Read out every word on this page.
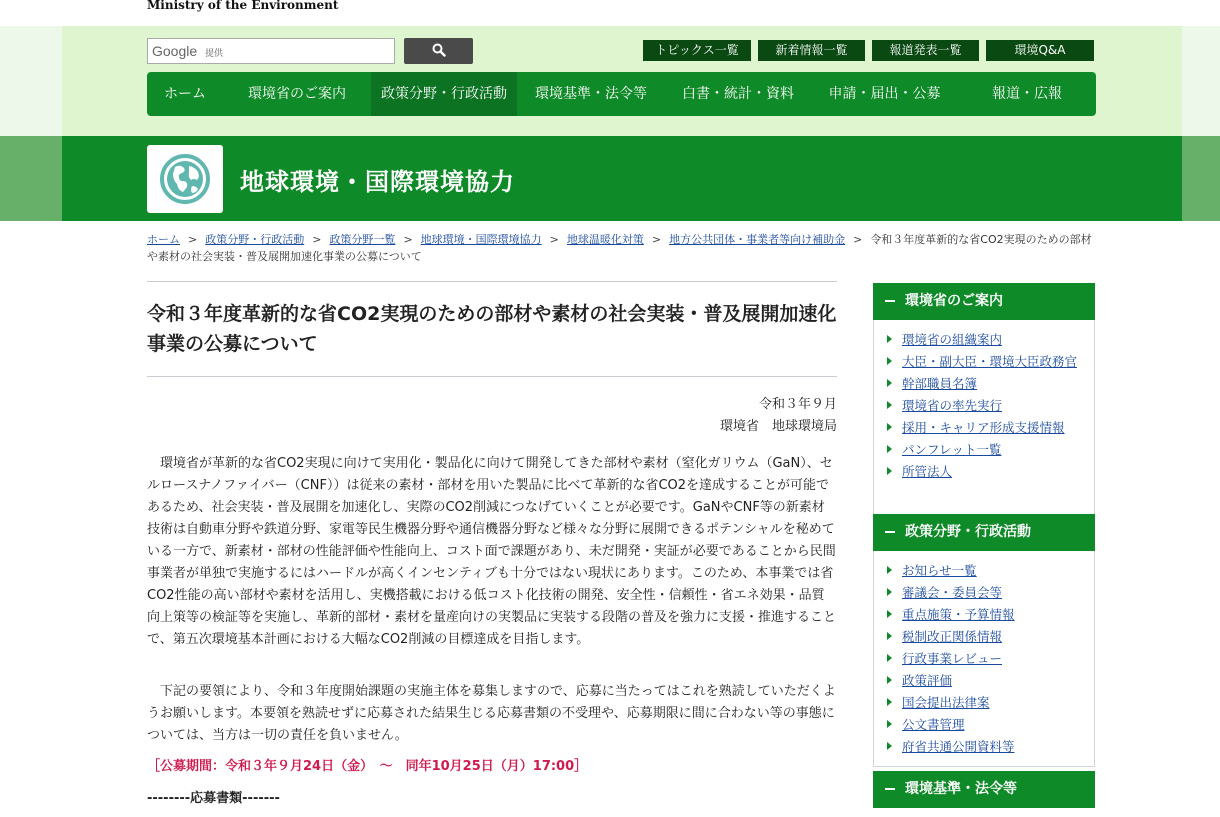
Ministry of the Environment
Google 提供	トピックス一覧	新着情報一覧	報道発表一覧	環境Q&A
ホーム	環境省のご案内	政策分野・行政活動	環境基準・法令等	白書・統計・資料	申請・届出・公募	報道・広報
地球環境・国際環境協力
ホーム > 政策分野・行政活動 > 政策分野一覧 > 地球環境・国際環境協力 > 地球温暖化対策 > 地方公共団体・事業者等向け補助金 > 令和３年度革新的な省CO2実現のための部材や素材の社会実装・普及展開加速化事業の公募について
令和３年度革新的な省CO2実現のための部材や素材の社会実装・普及展開加速化事業の公募について
令和３年９月
環境省　地球環境局

環境省が革新的な省CO2実現に向けて実用化・製品化に向けて開発してきた部材や素材（窒化ガリウム（GaN）、セルロースナノファイバー（CNF））は従来の素材・部材を用いた製品に比べて革新的な省CO2を達成することが可能であるため、社会実装・普及展開を加速化し、実際のCO2削減につなげていくことが必要です。GaNやCNF等の新素材技術は自動車分野や鉄道分野、家電等民生機器分野や通信機器分野など様々な分野に展開できるポテンシャルを秘めている一方で、新素材・部材の性能評価や性能向上、コスト面で課題があり、未だ開発・実証が必要であることから民間事業者が単独で実施するにはハードルが高くインセンティブも十分ではない現状にあります。このため、本事業では省CO2性能の高い部材や素材を活用し、実機搭載における低コスト化技術の開発、安全性・信頼性・省エネ効果・品質向上策等の検証等を実施し、革新的部材・素材を量産向けの実製品に実装する段階の普及を強力に支援・推進することで、第五次環境基本計画における大幅なCO2削減の目標達成を目指します。

下記の要領により、令和３年度開始課題の実施主体を募集しますので、応募に当たってはこれを熟読していただくようお願いします。本要領を熟読せずに応募された結果生じる応募書類の不受理や、応募期限に間に合わない等の事態については、当方は一切の責任を負いません。

［公募期間：令和３年９月24日（金）　～　同年10月25日（月）17:00］
--------応募書類-------
環境省のご案内
環境省の組織案内
大臣・副大臣・環境大臣政務官
幹部職員名簿
環境省の率先実行
採用・キャリア形成支援情報
パンフレット一覧
所管法人
政策分野・行政活動
お知らせ一覧
審議会・委員会等
重点施策・予算情報
税制改正関係情報
行政事業レビュー
政策評価
国会提出法律案
公文書管理
府省共通公開資料等
環境基準・法令等
